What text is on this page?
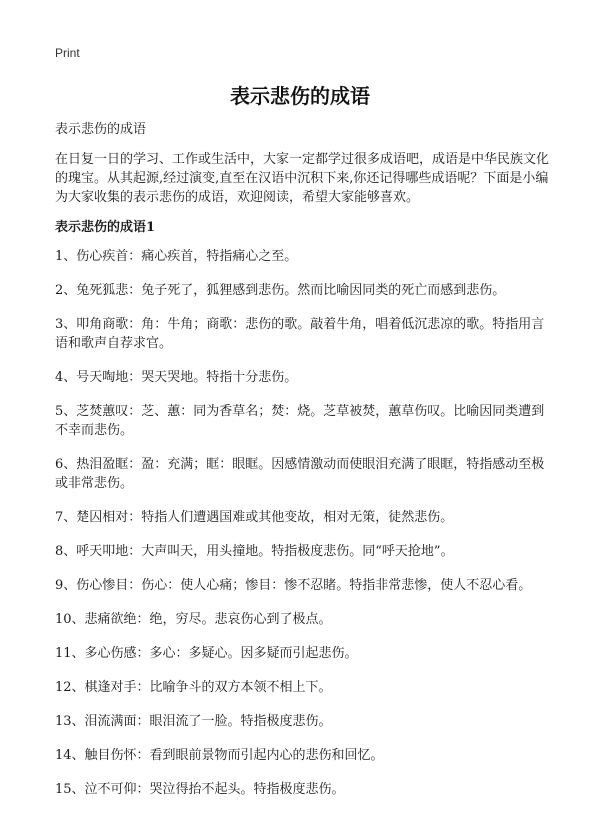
Print
表示悲伤的成语

表示悲伤的成语

在日复一日的学习、工作或生活中，大家一定都学过很多成语吧，成语是中华民族文化的瑰宝。从其起源,经过演变,直至在汉语中沉积下来,你还记得哪些成语呢？下面是小编为大家收集的表示悲伤的成语，欢迎阅读，希望大家能够喜欢。

表示悲伤的成语1

1、伤心疾首：痛心疾首，特指痛心之至。
2、兔死狐悲：兔子死了，狐狸感到悲伤。然而比喻因同类的死亡而感到悲伤。
3、叩角商歌：角：牛角；商歌：悲伤的歌。敲着牛角，唱着低沉悲凉的歌。特指用言语和歌声自荐求官。
4、号天啕地：哭天哭地。特指十分悲伤。
5、芝焚蕙叹：芝、蕙：同为香草名；焚：烧。芝草被焚，蕙草伤叹。比喻因同类遭到不幸而悲伤。
6、热泪盈眶：盈：充满；眶：眼眶。因感情激动而使眼泪充满了眼眶，特指感动至极或非常悲伤。
7、楚囚相对：特指人们遭遇国难或其他变故，相对无策，徒然悲伤。
8、呼天叩地：大声叫天，用头撞地。特指极度悲伤。同“呼天抢地”。
9、伤心惨目：伤心：使人心痛；惨目：惨不忍睹。特指非常悲惨，使人不忍心看。
10、悲痛欲绝：绝，穷尽。悲哀伤心到了极点。
11、多心伤感：多心：多疑心。因多疑而引起悲伤。
12、棋逢对手：比喻争斗的双方本领不相上下。
13、泪流满面：眼泪流了一脸。特指极度悲伤。
14、触目伤怀：看到眼前景物而引起内心的悲伤和回忆。
15、泣不可仰：哭泣得抬不起头。特指极度悲伤。
